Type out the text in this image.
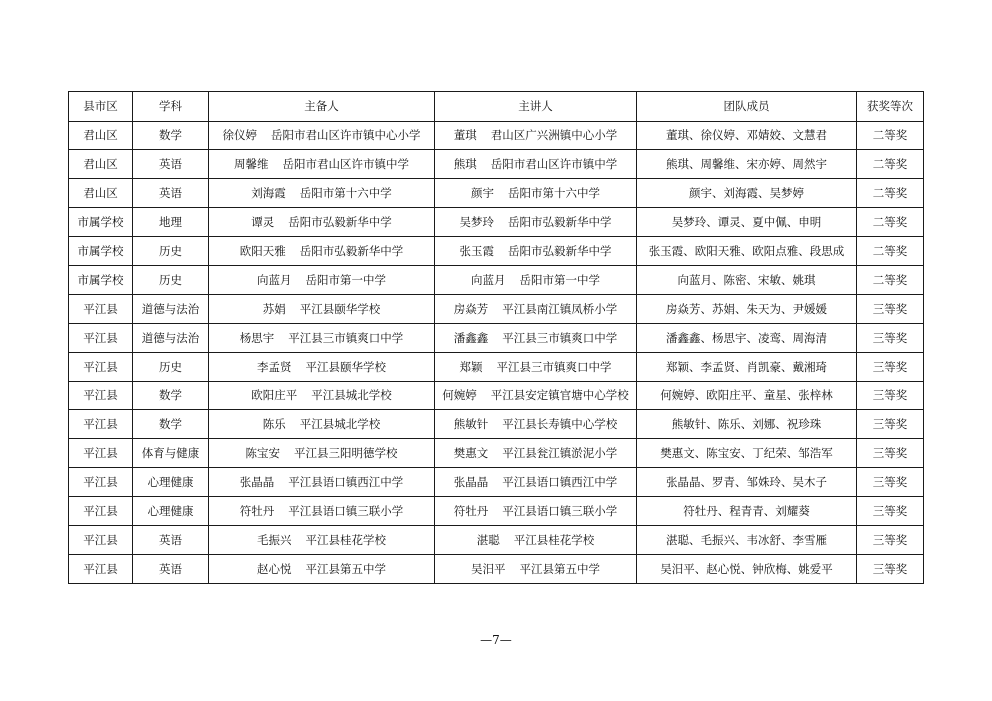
县市区	学科	主备人	主讲人	团队成员	获奖等次
君山区	数学	徐仪婷 岳阳市君山区许市镇中心小学	董琪 君山区广兴洲镇中心小学	董琪、徐仪婷、邓婧姣、文慧君	二等奖
君山区	英语	周馨维 岳阳市君山区许市镇中学	熊琪 岳阳市君山区许市镇中学	熊琪、周馨维、宋亦婷、周然宇	二等奖
君山区	英语	刘海霞 岳阳市第十六中学	颜宇 岳阳市第十六中学	颜宇、刘海霞、吴梦婷	二等奖
市属学校	地理	谭灵 岳阳市弘毅新华中学	吴梦玲 岳阳市弘毅新华中学	吴梦玲、谭灵、夏中佩、申明	二等奖
市属学校	历史	欧阳天雅 岳阳市弘毅新华中学	张玉霞 岳阳市弘毅新华中学	张玉霞、欧阳天雅、欧阳点雅、段思成	二等奖
市属学校	历史	向蓝月 岳阳市第一中学	向蓝月 岳阳市第一中学	向蓝月、陈密、宋敏、姚琪	二等奖
平江县	道德与法治	苏娟 平江县颐华学校	房焱芳 平江县南江镇凤桥小学	房焱芳、苏娟、朱天为、尹媛媛	三等奖
平江县	道德与法治	杨思宇 平江县三市镇爽口中学	潘鑫鑫 平江县三市镇爽口中学	潘鑫鑫、杨思宇、凌鸾、周海清	三等奖
平江县	历史	李孟贤 平江县颐华学校	郑颖 平江县三市镇爽口中学	郑颖、李孟贤、肖凯豪、戴湘琦	三等奖
平江县	数学	欧阳庄平 平江县城北学校	何婉婷 平江县安定镇官塘中心学校	何婉婷、欧阳庄平、童星、张梓林	三等奖
平江县	数学	陈乐 平江县城北学校	熊敏针 平江县长寿镇中心学校	熊敏针、陈乐、刘娜、祝珍珠	三等奖
平江县	体育与健康	陈宝安 平江县三阳明德学校	樊惠文 平江县瓮江镇淤泥小学	樊惠文、陈宝安、丁纪荣、邹浩军	三等奖
平江县	心理健康	张晶晶 平江县语口镇西江中学	张晶晶 平江县语口镇西江中学	张晶晶、罗青、邹姝玲、吴木子	三等奖
平江县	心理健康	符牡丹 平江县语口镇三联小学	符牡丹 平江县语口镇三联小学	符牡丹、程青青、刘耀葵	三等奖
平江县	英语	毛振兴 平江县桂花学校	湛聪 平江县桂花学校	湛聪、毛振兴、韦冰舒、李雪雁	三等奖
平江县	英语	赵心悦 平江县第五中学	吴汨平 平江县第五中学	吴汨平、赵心悦、钟欣梅、姚爱平	三等奖
—7—
